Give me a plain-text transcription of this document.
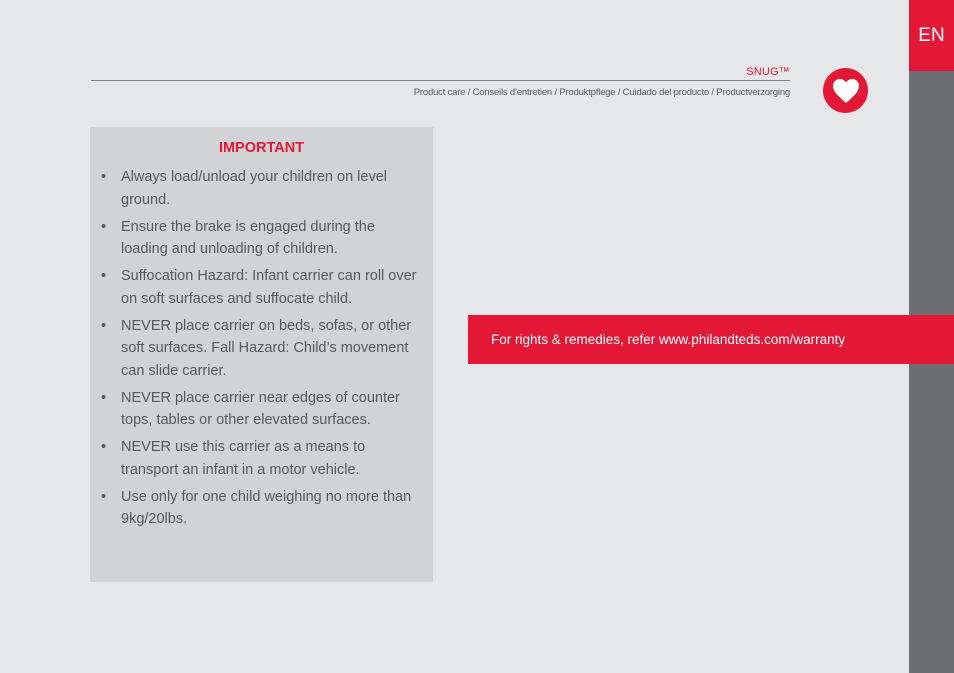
EN
SNUG™
Product care / Conseils d’entretien / Produktpflege / Cuidado del producto / Productverzorging
IMPORTANT
• Always load/unload your children on level ground.
• Ensure the brake is engaged during the loading and unloading of children.
• Suffocation Hazard: Infant carrier can roll over on soft surfaces and suffocate child.
• NEVER place carrier on beds, sofas, or other soft surfaces. Fall Hazard: Child’s movement can slide carrier.
• NEVER place carrier near edges of counter tops, tables or other elevated surfaces.
• NEVER use this carrier as a means to transport an infant in a motor vehicle.
• Use only for one child weighing no more than 9kg/20lbs.
For rights & remedies, refer www.philandteds.com/warranty
